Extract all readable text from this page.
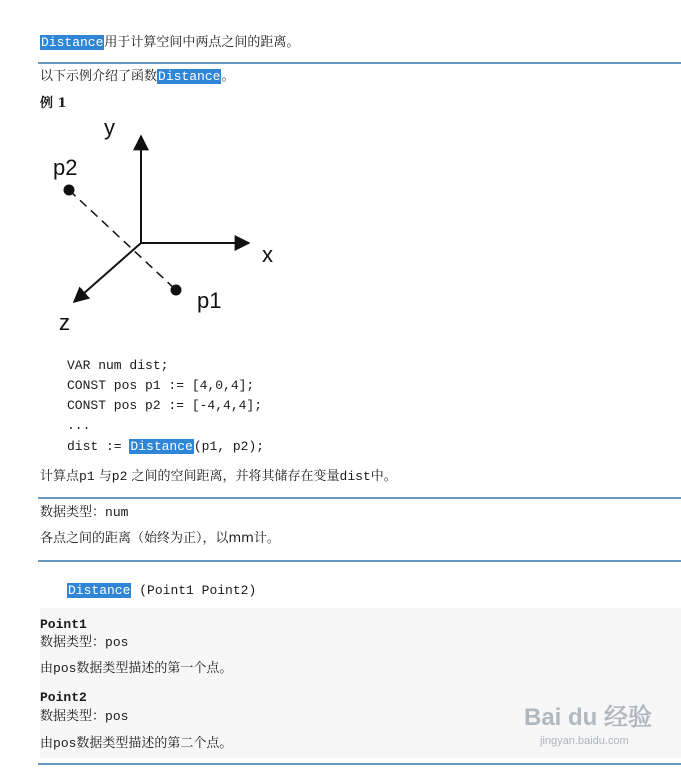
Distance用于计算空间中两点之间的距离。
以下示例介绍了函数Distance。
例 1
y
x
z
p2
p1
VAR num dist;
CONST pos p1 := [4,0,4];
CONST pos p2 := [-4,4,4];
...
dist := Distance(p1, p2);
计算点p1 与p2 之间的空间距离，并将其储存在变量dist中。
数据类型：num
各点之间的距离（始终为正），以mm计。
Distance (Point1 Point2)
Point1
数据类型：pos
由pos数据类型描述的第一个点。
Point2
数据类型：pos
由pos数据类型描述的第二个点。
Bai du 经验
jingyan.baidu.com
